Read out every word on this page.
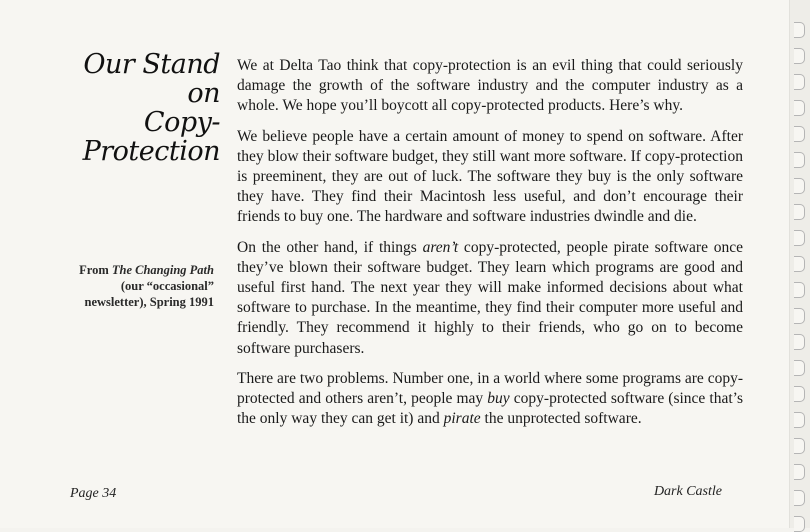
Our Stand on
Copy-
Protection
From The Changing Path (our “occasional” newsletter), Spring 1991

We at Delta Tao think that copy-protection is an evil thing that could seriously damage the growth of the software industry and the computer industry as a whole. We hope you’ll boycott all copy-protected products. Here’s why.

We believe people have a certain amount of money to spend on software. After they blow their software budget, they still want more software. If copy-protection is preeminent, they are out of luck. The software they buy is the only software they have. They find their Macintosh less useful, and don’t encourage their friends to buy one. The hardware and software industries dwindle and die.

On the other hand, if things aren’t copy-protected, people pirate software once they’ve blown their software budget. They learn which programs are good and useful first hand. The next year they will make informed decisions about what software to purchase. In the meantime, they find their computer more useful and friendly. They recommend it highly to their friends, who go on to become software purchasers.

There are two problems. Number one, in a world where some programs are copy-protected and others aren’t, people may buy copy-protected software (since that’s the only way they can get it) and pirate the unprotected software.

Page 34	Dark Castle
